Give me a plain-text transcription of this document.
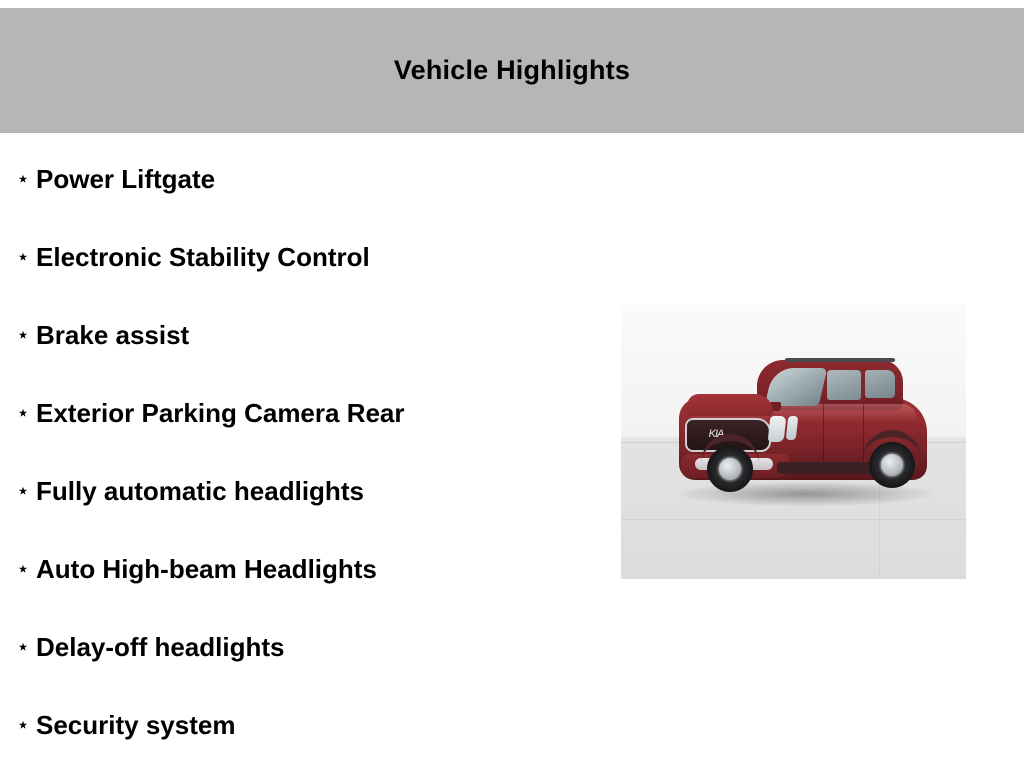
Vehicle Highlights
⋆ Power Liftgate
⋆ Electronic Stability Control
⋆ Brake assist
⋆ Exterior Parking Camera Rear
⋆ Fully automatic headlights
⋆ Auto High-beam Headlights
⋆ Delay-off headlights
⋆ Security system
KIA
